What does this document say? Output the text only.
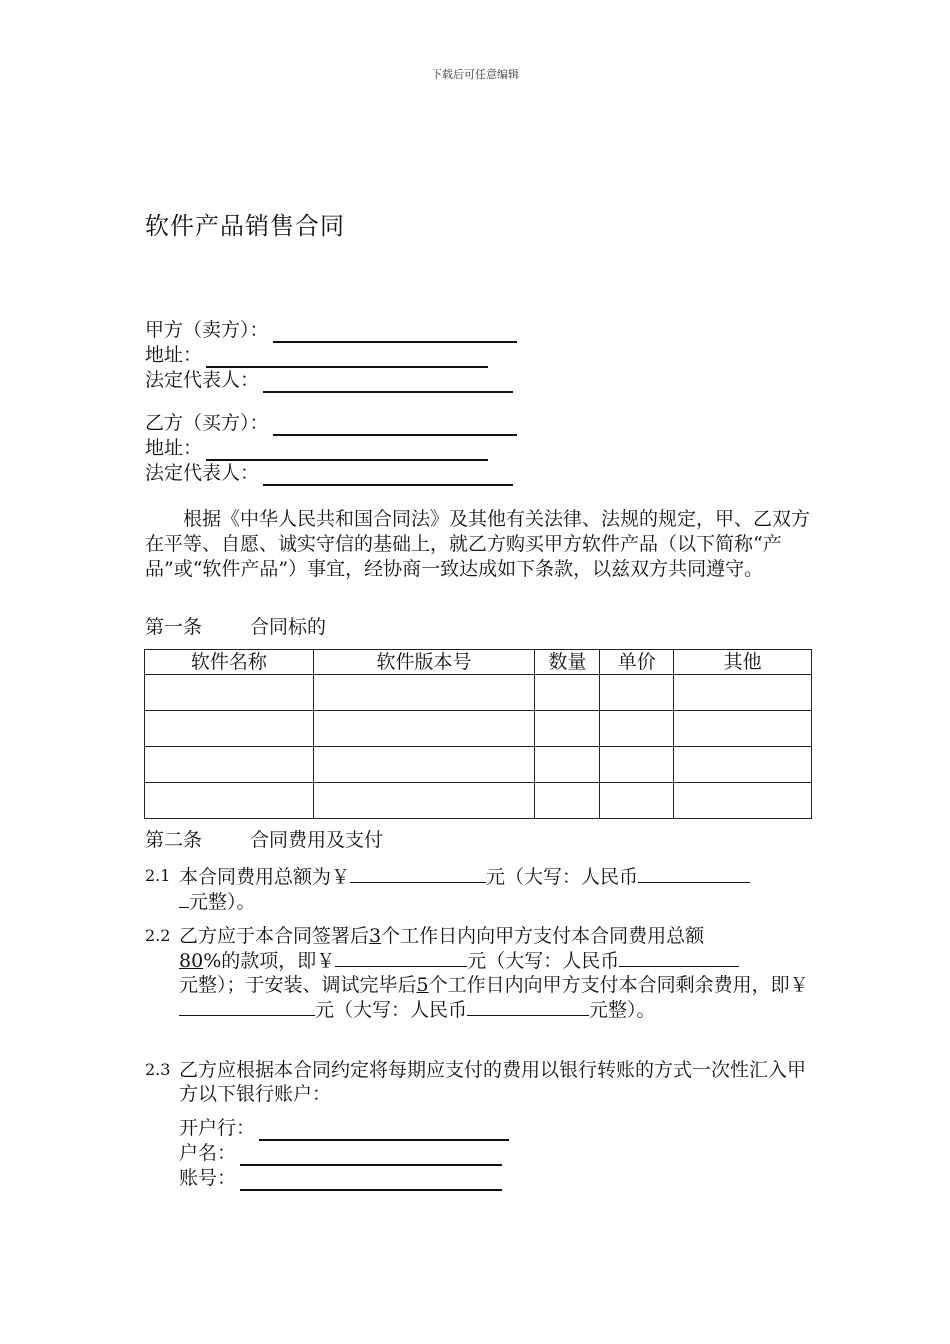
下载后可任意编辑
软件产品销售合同
甲方（卖方）：
地址：
法定代表人：
乙方（买方）：
地址：
法定代表人：
根据《中华人民共和国合同法》及其他有关法律、法规的规定，甲、乙双方在平等、自愿、诚实守信的基础上，就乙方购买甲方软件产品（以下简称“产品”或“软件产品”）事宜，经协商一致达成如下条款，以兹双方共同遵守。
第一条	合同标的
软件名称	软件版本号	数量	单价	其他

第二条	合同费用及支付
2.1 本合同费用总额为￥	元（大写：人民币
元整）。
2.2 乙方应于本合同签署后3个工作日内向甲方支付本合同费用总额
80%的款项，即￥	元（大写：人民币
元整）；于安装、调试完毕后5个工作日内向甲方支付本合同剩余费用，即￥元（大写：人民币	元整）。
2.3 乙方应根据本合同约定将每期应支付的费用以银行转账的方式一次性汇入甲方以下银行账户：
开户行：
户名：
账号：
